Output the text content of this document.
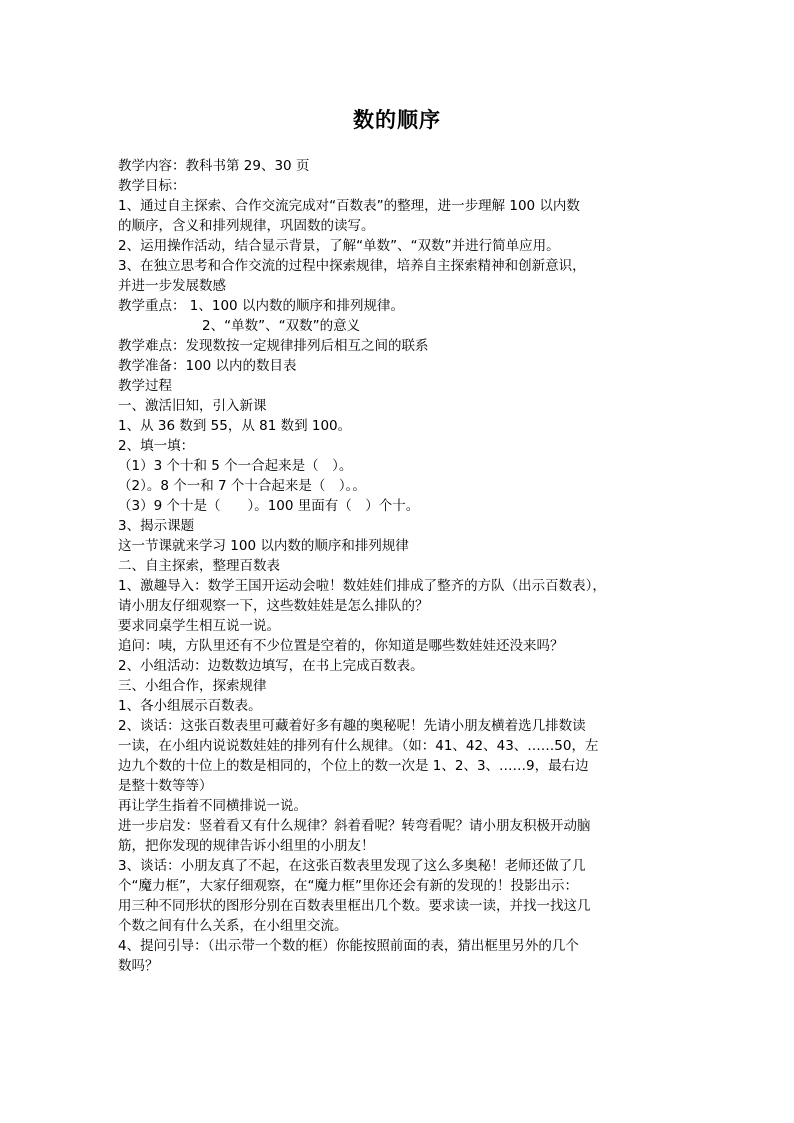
数的顺序
教学内容：教科书第 29、30 页
教学目标：
1、通过自主探索、合作交流完成对“百数表”的整理，进一步理解 100 以内数
的顺序，含义和排列规律，巩固数的读写。
2、运用操作活动，结合显示背景，了解“单数”、“双数”并进行简单应用。
3、在独立思考和合作交流的过程中探索规律，培养自主探索精神和创新意识，
并进一步发展数感
教学重点： 1、100 以内数的顺序和排列规律。
2、“单数”、“双数”的意义
教学难点：发现数按一定规律排列后相互之间的联系
教学准备：100 以内的数目表
教学过程
一、激活旧知，引入新课
1、从 36 数到 55，从 81 数到 100。
2、填一填：
（1）3 个十和 5 个一合起来是（　）。
（2）。8 个一和 7 个十合起来是（　）。。
（3）9 个十是（　　）。100 里面有（　）个十。
3、揭示课题
这一节课就来学习 100 以内数的顺序和排列规律
二、自主探索，整理百数表
1、激趣导入：数学王国开运动会啦！数娃娃们排成了整齐的方队（出示百数表），
请小朋友仔细观察一下，这些数娃娃是怎么排队的？
要求同桌学生相互说一说。
追问：咦，方队里还有不少位置是空着的，你知道是哪些数娃娃还没来吗？
2、小组活动：边数数边填写，在书上完成百数表。
三、小组合作，探索规律
1、各小组展示百数表。
2、谈话：这张百数表里可藏着好多有趣的奥秘呢！先请小朋友横着选几排数读
一读，在小组内说说数娃娃的排列有什么规律。（如：41、42、43、……50，左
边九个数的十位上的数是相同的，个位上的数一次是 1、2、3、……9，最右边
是整十数等等）
再让学生指着不同横排说一说。
进一步启发：竖着看又有什么规律？斜着看呢？转弯看呢？请小朋友积极开动脑
筋，把你发现的规律告诉小组里的小朋友！
3、谈话：小朋友真了不起，在这张百数表里发现了这么多奥秘！老师还做了几
个“魔力框”，大家仔细观察，在“魔力框”里你还会有新的发现的！投影出示：
用三种不同形状的图形分别在百数表里框出几个数。要求读一读，并找一找这几
个数之间有什么关系，在小组里交流。
4、提问引导：（出示带一个数的框）你能按照前面的表，猜出框里另外的几个
数吗？
